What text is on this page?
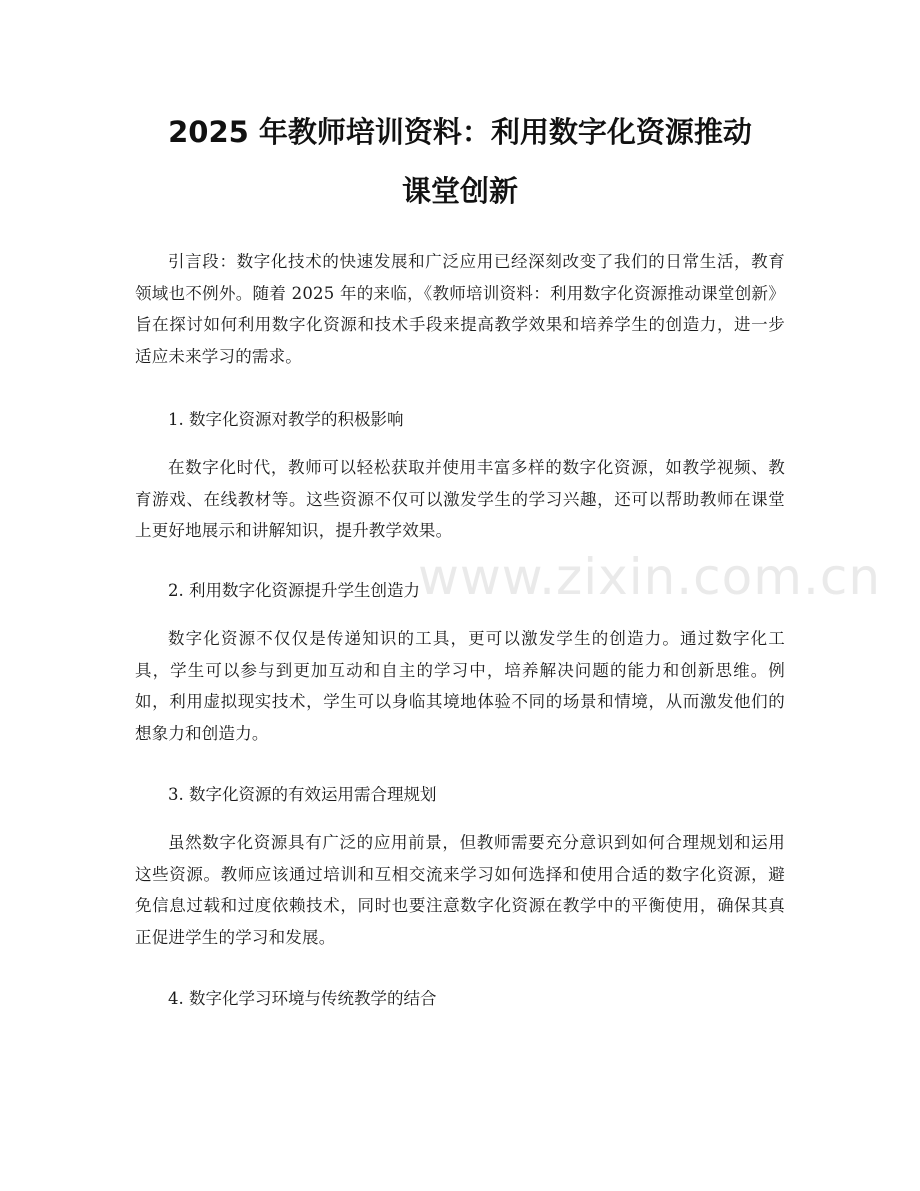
2025 年教师培训资料：利用数字化资源推动
课堂创新

引言段：数字化技术的快速发展和广泛应用已经深刻改变了我们的日常生活，教育领域也不例外。随着 2025 年的来临，《教师培训资料：利用数字化资源推动课堂创新》旨在探讨如何利用数字化资源和技术手段来提高教学效果和培养学生的创造力，进一步适应未来学习的需求。

1. 数字化资源对教学的积极影响

在数字化时代，教师可以轻松获取并使用丰富多样的数字化资源，如教学视频、教育游戏、在线教材等。这些资源不仅可以激发学生的学习兴趣，还可以帮助教师在课堂上更好地展示和讲解知识，提升教学效果。

2. 利用数字化资源提升学生创造力

数字化资源不仅仅是传递知识的工具，更可以激发学生的创造力。通过数字化工具，学生可以参与到更加互动和自主的学习中，培养解决问题的能力和创新思维。例如，利用虚拟现实技术，学生可以身临其境地体验不同的场景和情境，从而激发他们的想象力和创造力。

3. 数字化资源的有效运用需合理规划

虽然数字化资源具有广泛的应用前景，但教师需要充分意识到如何合理规划和运用这些资源。教师应该通过培训和互相交流来学习如何选择和使用合适的数字化资源，避免信息过载和过度依赖技术，同时也要注意数字化资源在教学中的平衡使用，确保其真正促进学生的学习和发展。

4. 数字化学习环境与传统教学的结合

www.zixin.com.cn
